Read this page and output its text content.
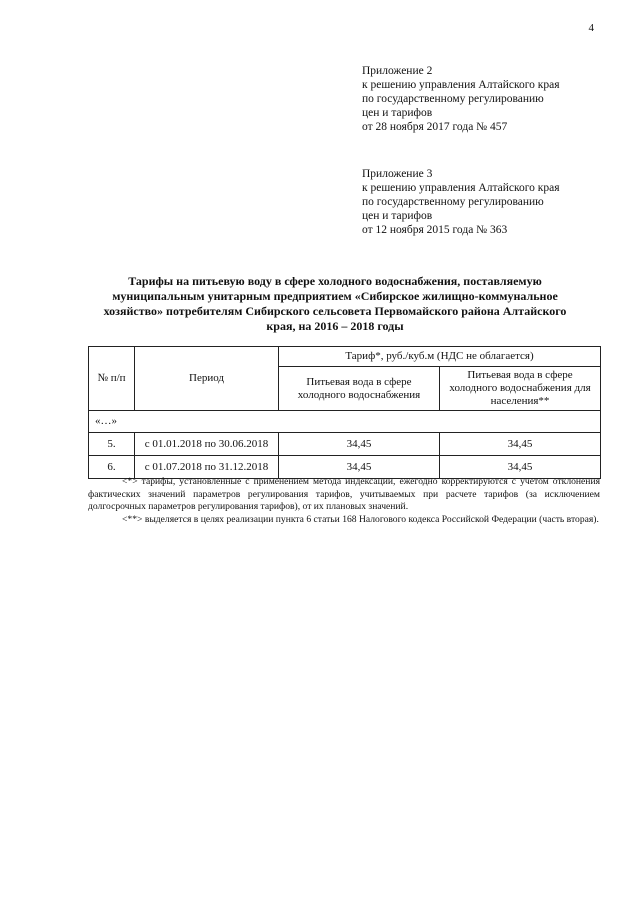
4
Приложение 2
к решению управления Алтайского края
по государственному регулированию
цен и тарифов
от 28 ноября 2017 года № 457
Приложение 3
к решению управления Алтайского края
по государственному регулированию
цен и тарифов
от 12 ноября 2015 года № 363
Тарифы на питьевую воду в сфере холодного водоснабжения, поставляемую муниципальным унитарным предприятием «Сибирское жилищно-коммунальное хозяйство» потребителям Сибирского сельсовета Первомайского района Алтайского края, на 2016 – 2018 годы
№ п/п	Период	Тариф*, руб./куб.м (НДС не облагается)	
		Питьевая вода в сфере холодного водоснабжения	Питьевая вода в сфере холодного водоснабжения для населения**
«…»			
5.	с 01.01.2018 по 30.06.2018	34,45	34,45
6.	с 01.07.2018 по 31.12.2018	34,45	34,45

<*> тарифы, установленные с применением метода индексации, ежегодно корректируются с учетом отклонения фактических значений параметров регулирования тарифов, учитываемых при расчете тарифов (за исключением долгосрочных параметров регулирования тарифов), от их плановых значений.

<**> выделяется в целях реализации пункта 6 статьи 168 Налогового кодекса Российской Федерации (часть вторая).
